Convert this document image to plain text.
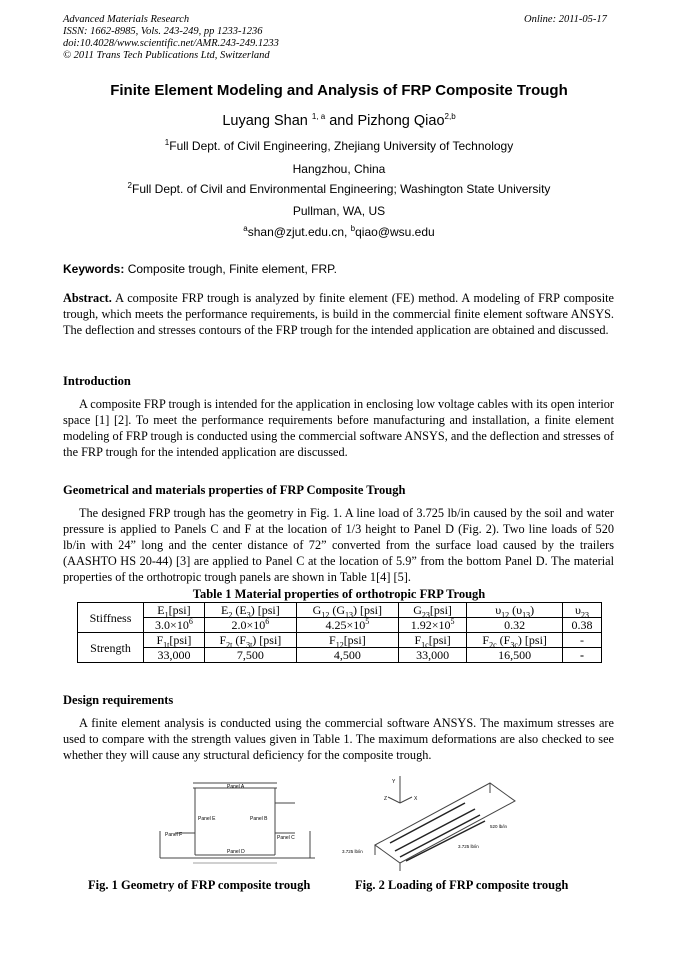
Advanced Materials Research
ISSN: 1662-8985, Vols. 243-249, pp 1233-1236
doi:10.4028/www.scientific.net/AMR.243-249.1233
© 2011 Trans Tech Publications Ltd, Switzerland
Online: 2011-05-17
Finite Element Modeling and Analysis of FRP Composite Trough
Luyang Shan $^{1, a}$ and Pizhong Qiao$^{2,b}$
$^1$Full Dept. of Civil Engineering, Zhejiang University of Technology
Hangzhou, China
$^2$Full Dept. of Civil and Environmental Engineering; Washington State University
Pullman, WA, US
$^a$shan@zjut.edu.cn, $^b$qiao@wsu.edu
Keywords: Composite trough, Finite element, FRP.
Abstract. A composite FRP trough is analyzed by finite element (FE) method. A modeling of FRP composite trough, which meets the performance requirements, is build in the commercial finite element software ANSYS. The deflection and stresses contours of the FRP trough for the intended application are obtained and discussed.
Introduction
A composite FRP trough is intended for the application in enclosing low voltage cables with its open interior space [1] [2]. To meet the performance requirements before manufacturing and installation, a finite element modeling of FRP trough is conducted using the commercial software ANSYS, and the deflection and stresses of the FRP trough for the intended application are discussed.
Geometrical and materials properties of FRP Composite Trough
The designed FRP trough has the geometry in Fig. 1. A line load of 3.725 lb/in caused by the soil and water pressure is applied to Panels C and F at the location of 1/3 height to Panel D (Fig. 2). Two line loads of 520 lb/in with 24” long and the center distance of 72” converted from the surface load caused by the trailers (AASHTO HS 20-44) [3] are applied to Panel C at the location of 5.9” from the bottom Panel D. The material properties of the orthotropic trough panels are shown in Table 1[4] [5].
Table 1 Material properties of orthotropic FRP Trough
Stiffness	$E_1[psi]$	$E_2$ $(E_3)$ [psi]	$G_{12}$ $(G_{13})$ [psi]	$G_{23}[psi]$	$\upsilon_{12}$ $(\upsilon_{13})$	$\upsilon_{23}$
	$3.0\times 10^6$	$2.0\times 10^6$	$4.25\times 10^5$	$1.92\times 10^5$	0.32	0.38
Strength	$F_{1t}[psi]$	$F_{2t}$ $(F_{3t})$ [psi]	$F_{12}[psi]$	$F_{1c}[psi]$	$F_{2c}$ $(F_{3c})$ [psi]	-
	33,000	7,500	4,500	33,000	16,500	-
Design requirements
A finite element analysis is conducted using the commercial software ANSYS. The maximum stresses are used to compare with the strength values given in Table 1. The maximum deformations are also checked to see whether they will cause any structural deficiency for the composite trough.
Panel A
Panel E	Panel B
Panel F	Panel C
Panel D
Fig. 1 Geometry of FRP composite trough
Y
Z	X
520 lb/in
3.725 lb/in
3.725 lb/in
Fig. 2 Loading of FRP composite trough
